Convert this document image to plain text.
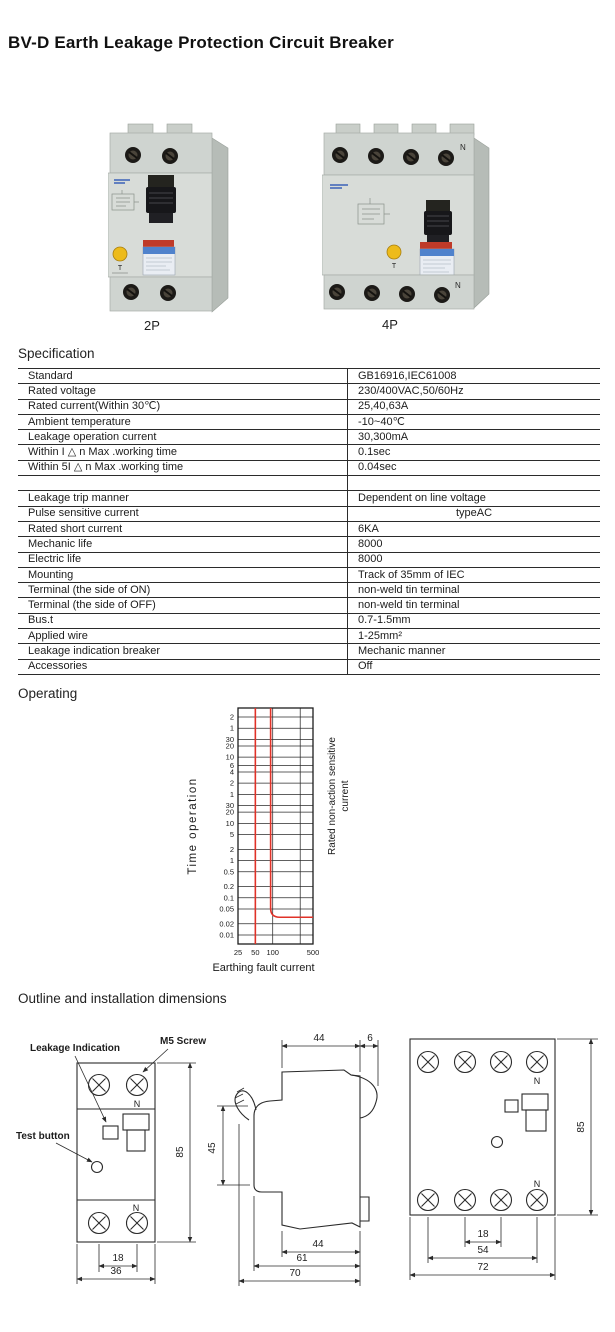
BV-D Earth Leakage Protection Circuit Breaker
T
2P
N
T
N
4P
Specification
Standard	GB16916,IEC61008
Rated voltage	230/400VAC,50/60Hz
Rated current(Within 30℃)	25,40,63A
Ambient temperature	-10~40℃
Leakage operation current	30,300mA
Within I △ n Max .working time	0.1sec
Within 5I △ n Max .working time	0.04sec

Leakage trip manner	Dependent on line voltage
Pulse sensitive current	typeAC
Rated short current	6KA
Mechanic life	8000
Electric life	8000
Mounting	Track of 35mm of IEC
Terminal (the side of ON)	non-weld tin terminal
Terminal (the side of OFF)	non-weld tin terminal
Bus.t	0.7-1.5mm
Applied wire	1-25mm²
Leakage indication breaker	Mechanic manner
Accessories	Off
Operating
2
1
30
20
10
6
4
2
1
30
20
10
5
2
1
0.5
0.2
0.1
0.05
0.02
0.01
25 50 100	500
Time operation	Rated non-action sensitive current
Earthing fault current
Outline and installation dimensions
N
N
85
18
36
Leakage Indication
M5 Screw
Test button
44	6
45
44
61
70
N
N
85
18
54
72
